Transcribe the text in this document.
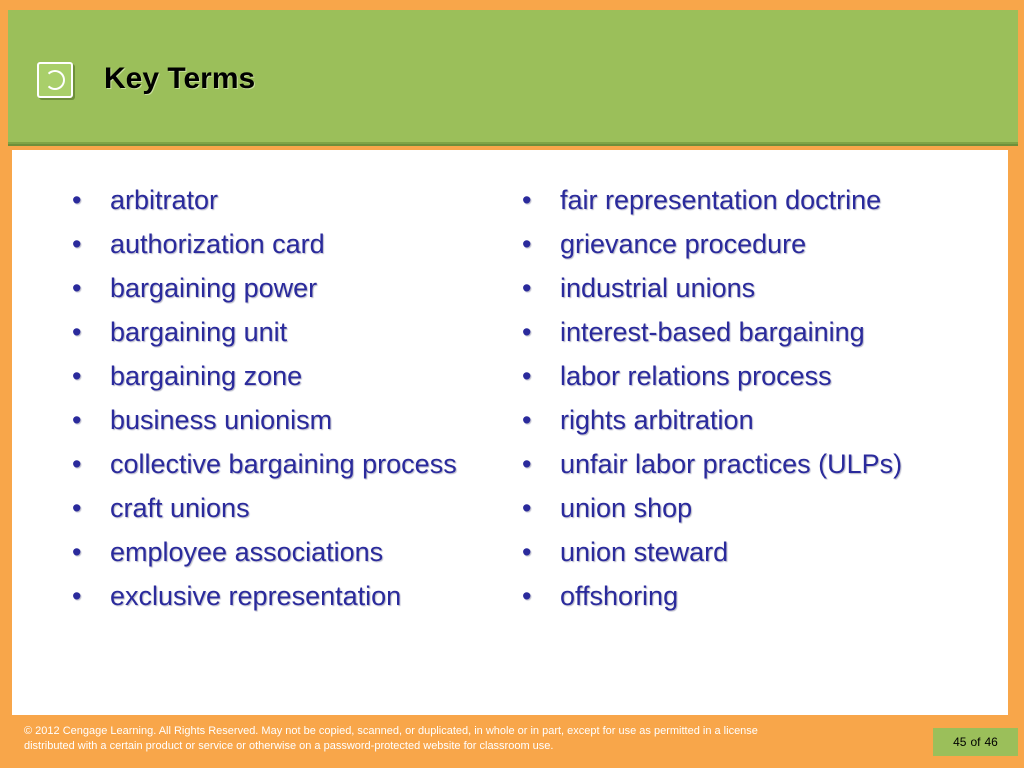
Key Terms
• arbitrator
• authorization card
• bargaining power
• bargaining unit
• bargaining zone
• business unionism
• collective bargaining process
• craft unions
• employee associations
• exclusive representation
• fair representation doctrine
• grievance procedure
• industrial unions
• interest-based bargaining
• labor relations process
• rights arbitration
• unfair labor practices (ULPs)
• union shop
• union steward
• offshoring
© 2012 Cengage Learning. All Rights Reserved. May not be copied, scanned, or duplicated, in whole or in part, except for use as permitted in a license distributed with a certain product or service or otherwise on a password-protected website for classroom use.	45 of 46
